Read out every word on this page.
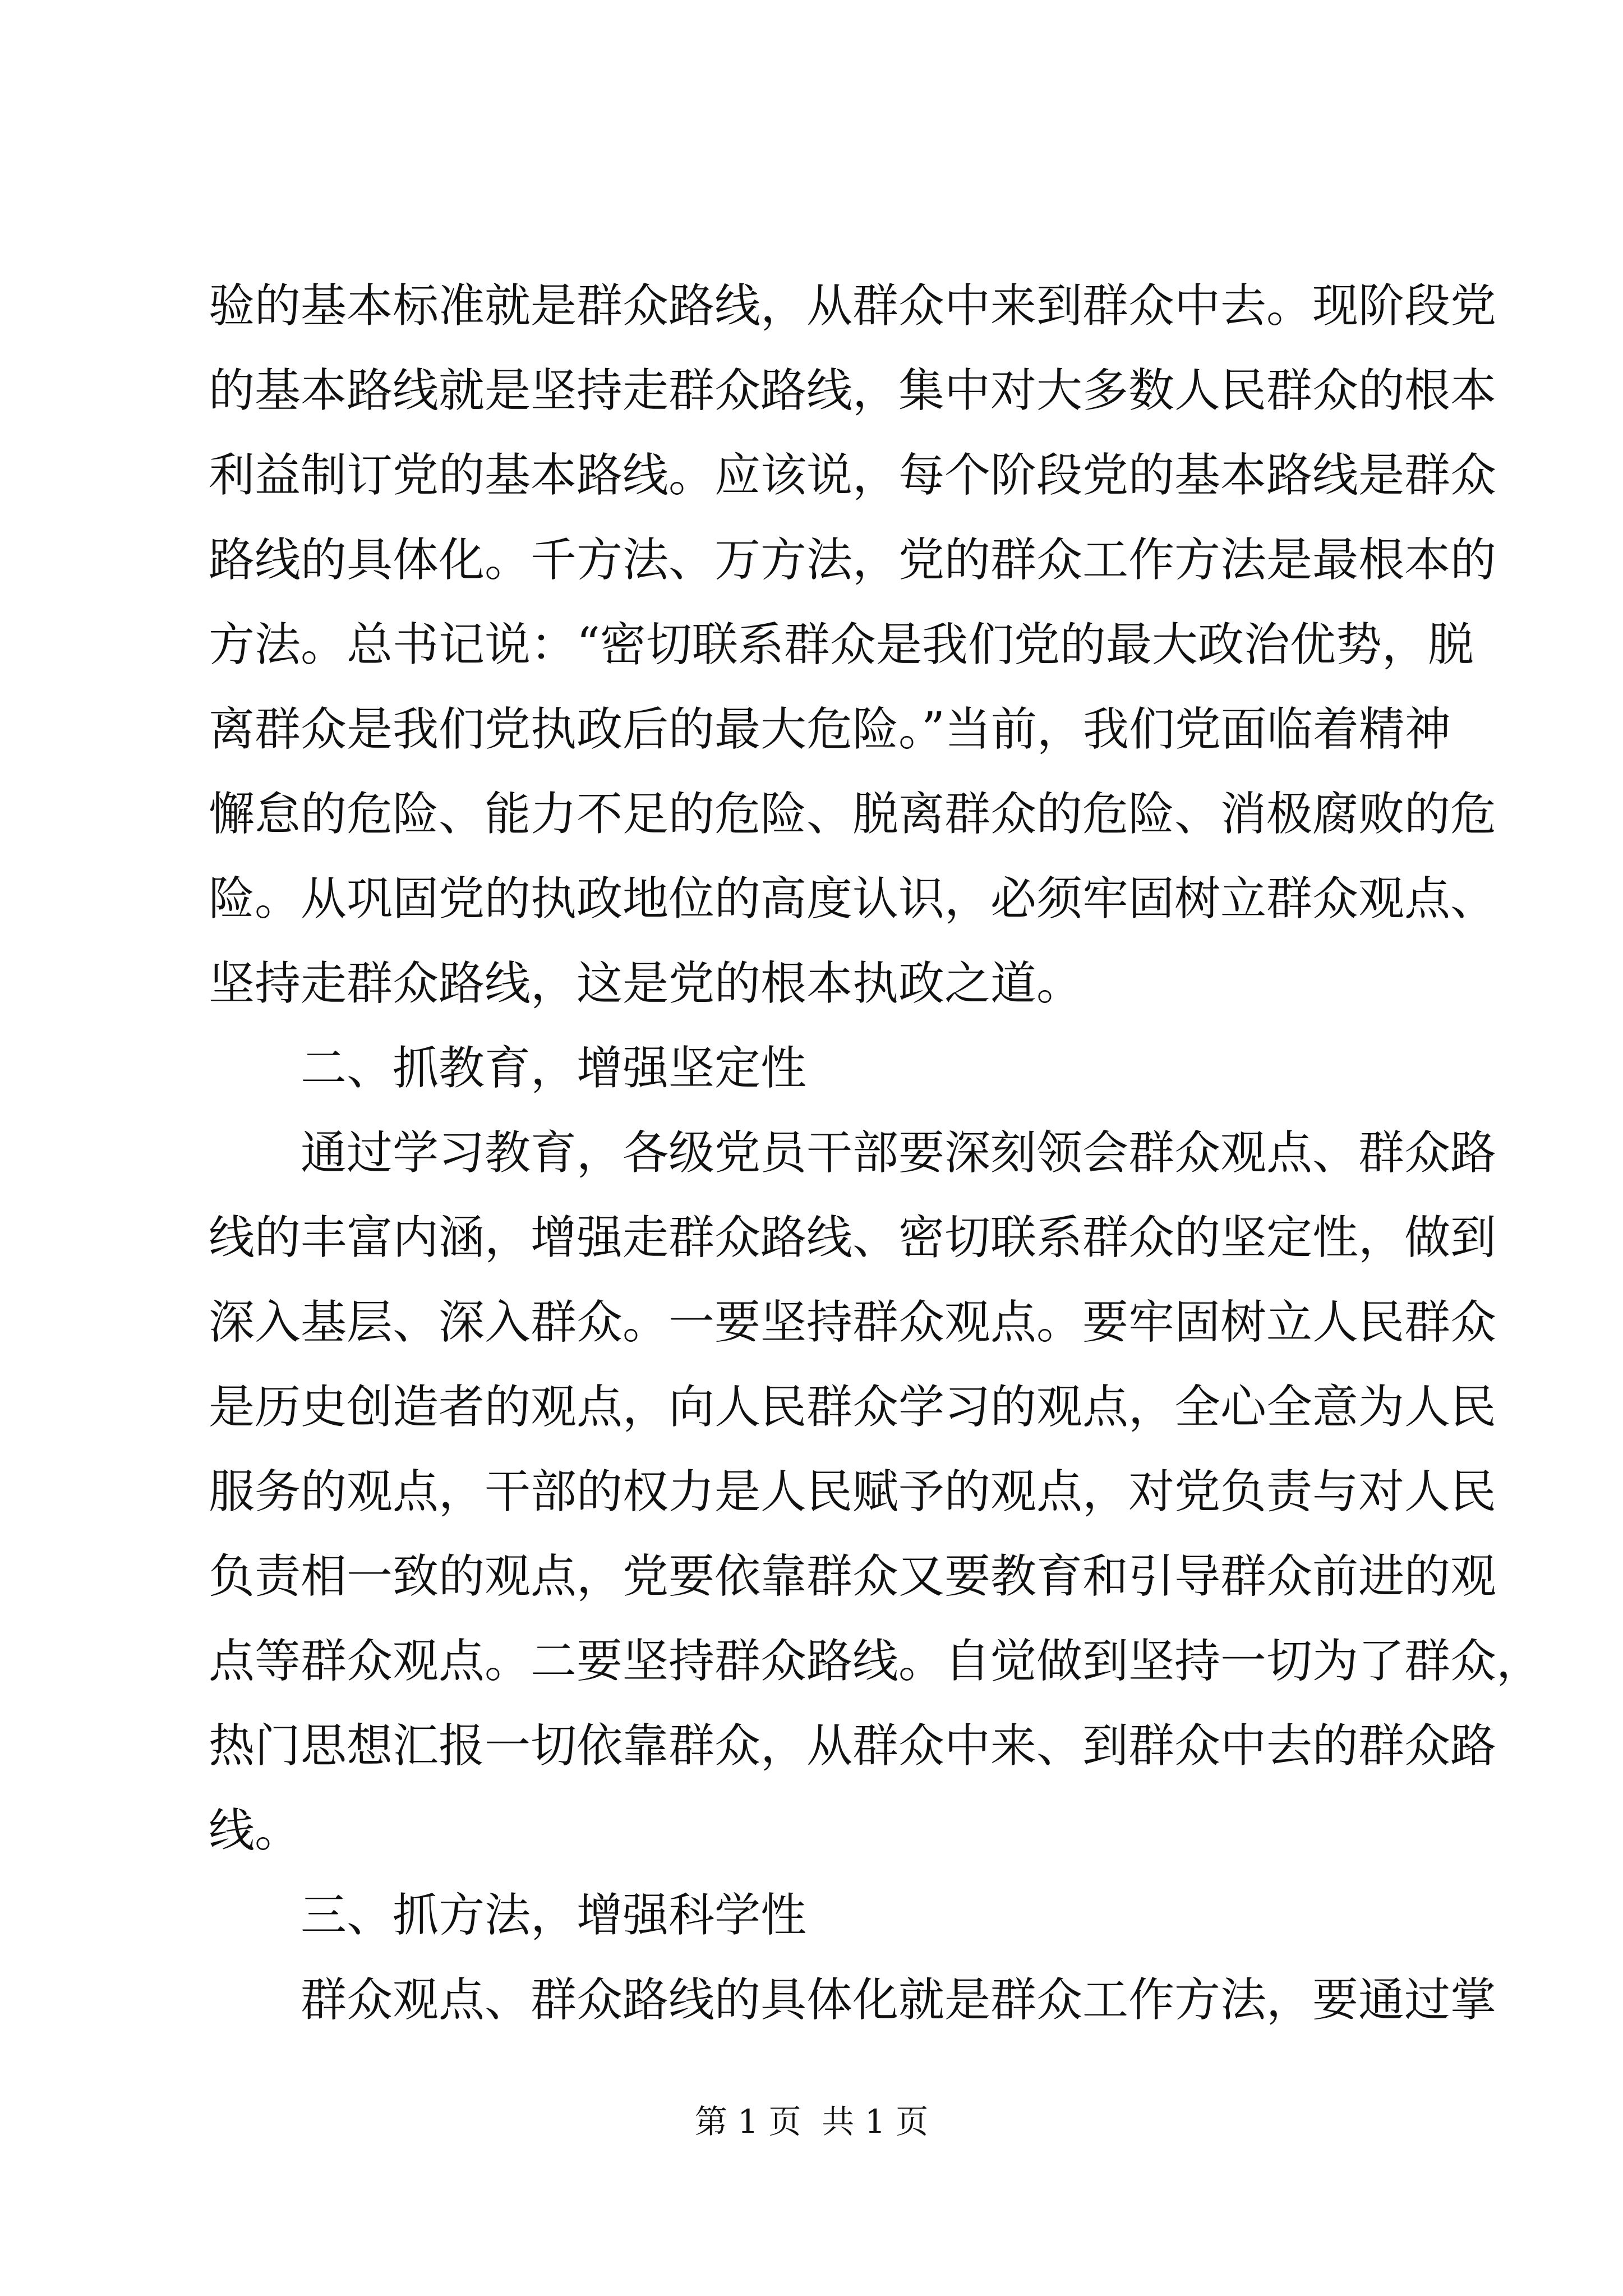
验的基本标准就是群众路线，从群众中来到群众中去。现阶段党
的基本路线就是坚持走群众路线，集中对大多数人民群众的根本
利益制订党的基本路线。应该说，每个阶段党的基本路线是群众
路线的具体化。千方法、万方法，党的群众工作方法是最根本的
方法。总书记说：“密切联系群众是我们党的最大政治优势，脱
离群众是我们党执政后的最大危险。”当前，我们党面临着精神
懈怠的危险、能力不足的危险、脱离群众的危险、消极腐败的危
险。从巩固党的执政地位的高度认识，必须牢固树立群众观点、
坚持走群众路线，这是党的根本执政之道。
二、抓教育，增强坚定性
通过学习教育，各级党员干部要深刻领会群众观点、群众路
线的丰富内涵，增强走群众路线、密切联系群众的坚定性，做到
深入基层、深入群众。一要坚持群众观点。要牢固树立人民群众
是历史创造者的观点，向人民群众学习的观点，全心全意为人民
服务的观点，干部的权力是人民赋予的观点，对党负责与对人民
负责相一致的观点，党要依靠群众又要教育和引导群众前进的观
点等群众观点。二要坚持群众路线。自觉做到坚持一切为了群众，
热门思想汇报一切依靠群众，从群众中来、到群众中去的群众路
线。
三、抓方法，增强科学性
群众观点、群众路线的具体化就是群众工作方法，要通过掌
第 1 页  共 1 页
